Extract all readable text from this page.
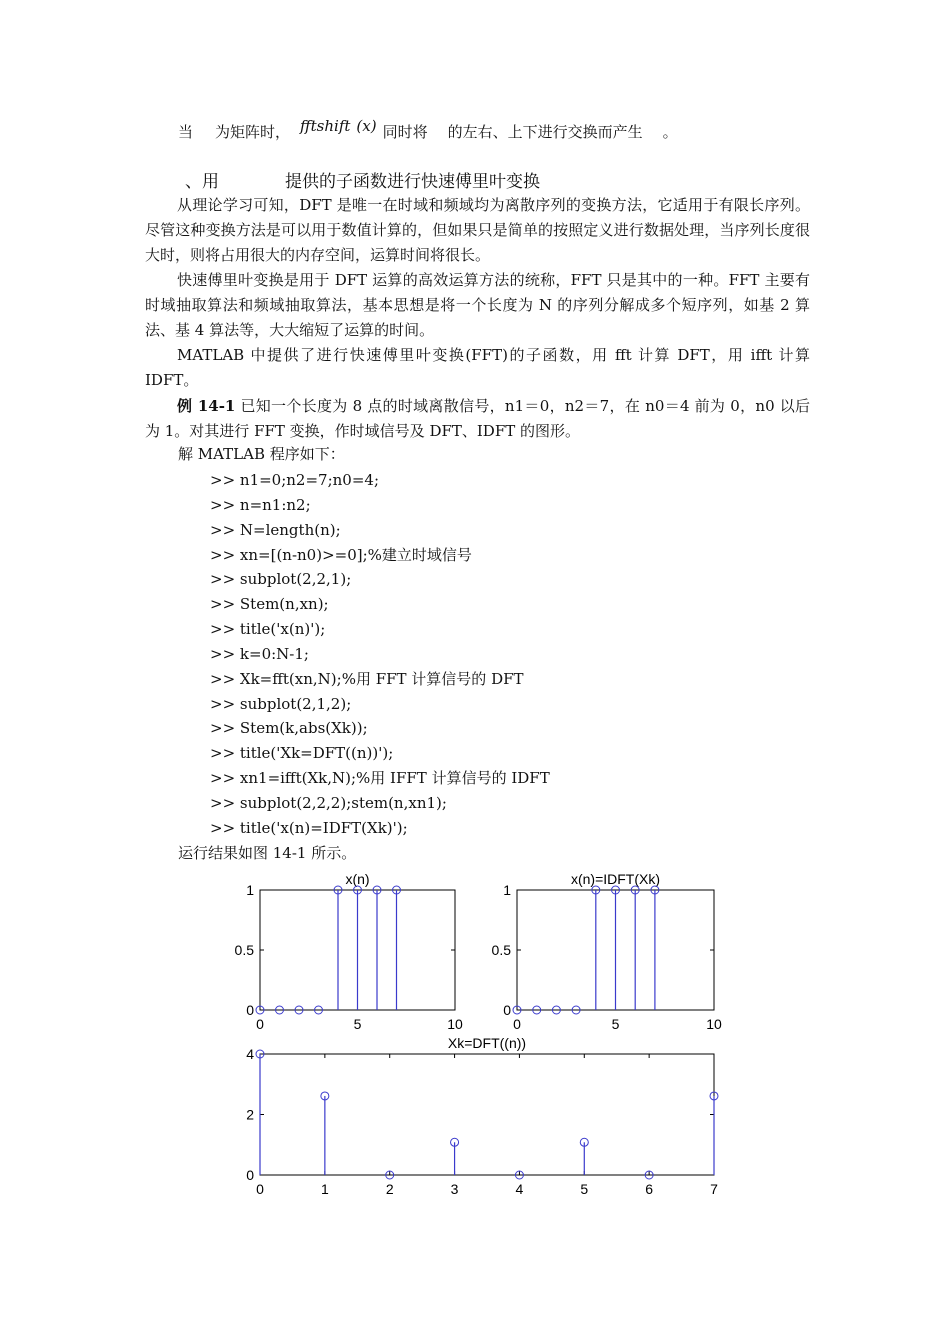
当 为矩阵时， fftshift (x) 同时将 的左右、上下进行交换而产生 。
、用	提供的子函数进行快速傅里叶变换
从理论学习可知，DFT 是唯一在时域和频域均为离散序列的变换方法，它适用于有限长序列。尽管这种变换方法是可以用于数值计算的，但如果只是简单的按照定义进行数据处理，当序列长度很大时，则将占用很大的内存空间，运算时间将很长。
快速傅里叶变换是用于 DFT 运算的高效运算方法的统称，FFT 只是其中的一种。FFT 主要有时域抽取算法和频域抽取算法，基本思想是将一个长度为 N 的序列分解成多个短序列，如基 2 算法、基 4 算法等，大大缩短了运算的时间。
MATLAB 中提供了进行快速傅里叶变换(FFT)的子函数，用 fft 计算 DFT，用 ifft 计算 IDFT。
例 14-1 已知一个长度为 8 点的时域离散信号，n1＝0，n2＝7，在 n0＝4 前为 0，n0 以后为 1。对其进行 FFT 变换，作时域信号及 DFT、IDFT 的图形。
解 MATLAB 程序如下：
>> n1=0;n2=7;n0=4;
>> n=n1:n2;
>> N=length(n);
>> xn=[(n-n0)>=0];%建立时域信号
>> subplot(2,2,1);
>> Stem(n,xn);
>> title('x(n)');
>> k=0:N-1;
>> Xk=fft(xn,N);%用 FFT 计算信号的 DFT
>> subplot(2,1,2);
>> Stem(k,abs(Xk));
>> title('Xk=DFT((n))');
>> xn1=ifft(Xk,N);%用 IFFT 计算信号的 IDFT
>> subplot(2,2,2);stem(n,xn1);
>> title('x(n)=IDFT(Xk)');
运行结果如图 14-1 所示。
x(n)
0	5	10
0
0.5
1
x(n)=IDFT(Xk)
0	5	10
0
0.5
1
Xk=DFT((n))
0	1	2	3	4	5	6	7
0
2
4
